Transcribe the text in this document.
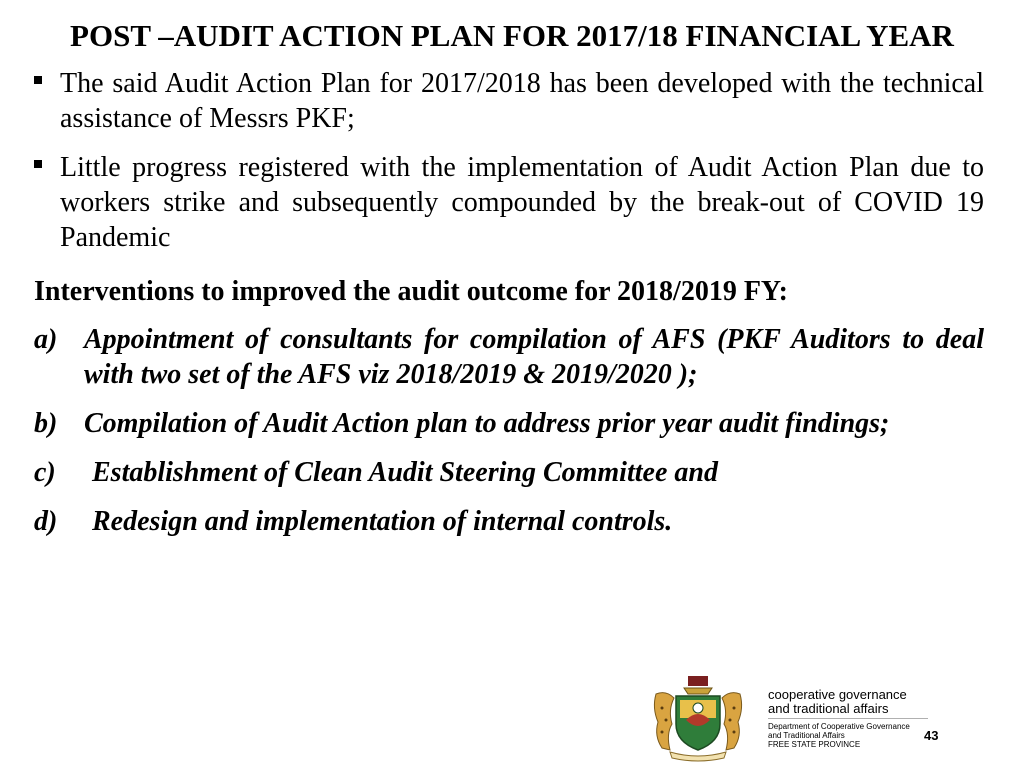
POST –AUDIT ACTION PLAN FOR 2017/18 FINANCIAL YEAR
The said Audit Action Plan for 2017/2018 has been developed with the technical assistance of Messrs PKF;
Little progress registered with the implementation of Audit Action Plan due to workers strike and subsequently compounded by the break-out of COVID 19 Pandemic
Interventions to improved the audit outcome for 2018/2019 FY:
a) Appointment of consultants for compilation of AFS (PKF Auditors to deal with two set of the AFS viz 2018/2019 & 2019/2020 );
b) Compilation of Audit Action plan to address prior year audit findings;
c) Establishment of Clean Audit Steering Committee and
d) Redesign and implementation of internal controls.
cooperative governance
and traditional affairs
Department of Cooperative Governance
and Traditional Affairs
FREE STATE PROVINCE
43
